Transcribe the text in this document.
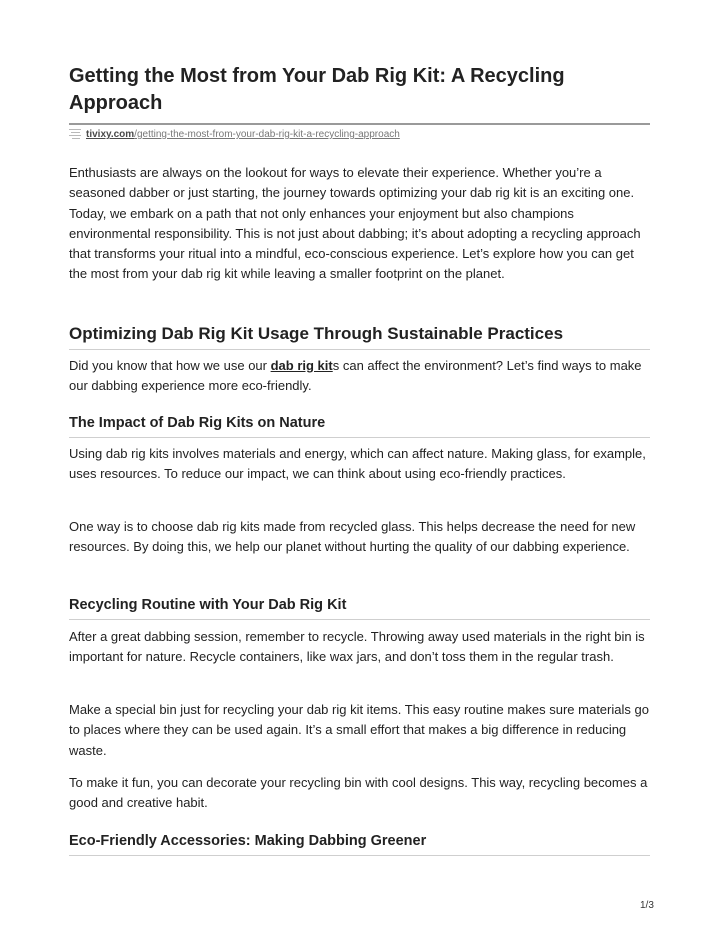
Getting the Most from Your Dab Rig Kit: A Recycling Approach
tivixy.com/getting-the-most-from-your-dab-rig-kit-a-recycling-approach

Enthusiasts are always on the lookout for ways to elevate their experience. Whether you’re a seasoned dabber or just starting, the journey towards optimizing your dab rig kit is an exciting one. Today, we embark on a path that not only enhances your enjoyment but also champions environmental responsibility. This is not just about dabbing; it’s about adopting a recycling approach that transforms your ritual into a mindful, eco-conscious experience. Let’s explore how you can get the most from your dab rig kit while leaving a smaller footprint on the planet.

Optimizing Dab Rig Kit Usage Through Sustainable Practices

Did you know that how we use our dab rig kits can affect the environment? Let’s find ways to make our dabbing experience more eco-friendly.

The Impact of Dab Rig Kits on Nature

Using dab rig kits involves materials and energy, which can affect nature. Making glass, for example, uses resources. To reduce our impact, we can think about using eco-friendly practices.

One way is to choose dab rig kits made from recycled glass. This helps decrease the need for new resources. By doing this, we help our planet without hurting the quality of our dabbing experience.

Recycling Routine with Your Dab Rig Kit

After a great dabbing session, remember to recycle. Throwing away used materials in the right bin is important for nature. Recycle containers, like wax jars, and don’t toss them in the regular trash.

Make a special bin just for recycling your dab rig kit items. This easy routine makes sure materials go to places where they can be used again. It’s a small effort that makes a big difference in reducing waste.

To make it fun, you can decorate your recycling bin with cool designs. This way, recycling becomes a good and creative habit.

Eco-Friendly Accessories: Making Dabbing Greener
1/3
